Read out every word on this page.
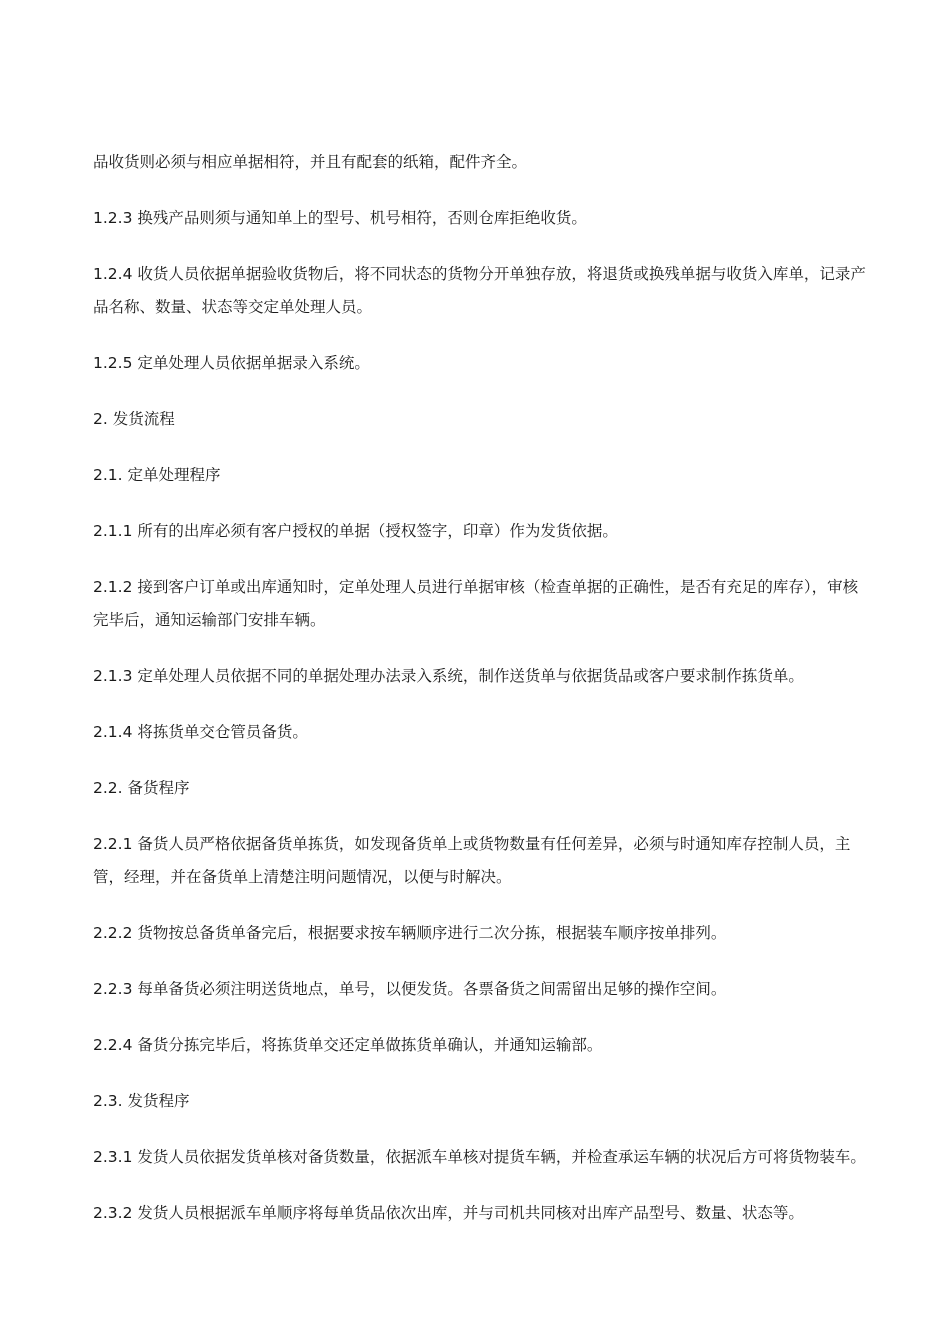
品收货则必须与相应单据相符，并且有配套的纸箱，配件齐全。

1.2.3 换残产品则须与通知单上的型号、机号相符，否则仓库拒绝收货。

1.2.4 收货人员依据单据验收货物后，将不同状态的货物分开单独存放，将退货或换残单据与收货入库单，记录产品名称、数量、状态等交定单处理人员。

1.2.5 定单处理人员依据单据录入系统。

2. 发货流程

2.1. 定单处理程序

2.1.1 所有的出库必须有客户授权的单据（授权签字，印章）作为发货依据。

2.1.2 接到客户订单或出库通知时，定单处理人员进行单据审核（检查单据的正确性，是否有充足的库存），审核完毕后，通知运输部门安排车辆。

2.1.3 定单处理人员依据不同的单据处理办法录入系统，制作送货单与依据货品或客户要求制作拣货单。

2.1.4 将拣货单交仓管员备货。

2.2. 备货程序

2.2.1 备货人员严格依据备货单拣货，如发现备货单上或货物数量有任何差异，必须与时通知库存控制人员，主管，经理，并在备货单上清楚注明问题情况，以便与时解决。

2.2.2 货物按总备货单备完后，根据要求按车辆顺序进行二次分拣，根据装车顺序按单排列。

2.2.3 每单备货必须注明送货地点，单号，以便发货。各票备货之间需留出足够的操作空间。

2.2.4 备货分拣完毕后，将拣货单交还定单做拣货单确认，并通知运输部。

2.3. 发货程序

2.3.1 发货人员依据发货单核对备货数量，依据派车单核对提货车辆，并检查承运车辆的状况后方可将货物装车。

2.3.2 发货人员根据派车单顺序将每单货品依次出库，并与司机共同核对出库产品型号、数量、状态等。
